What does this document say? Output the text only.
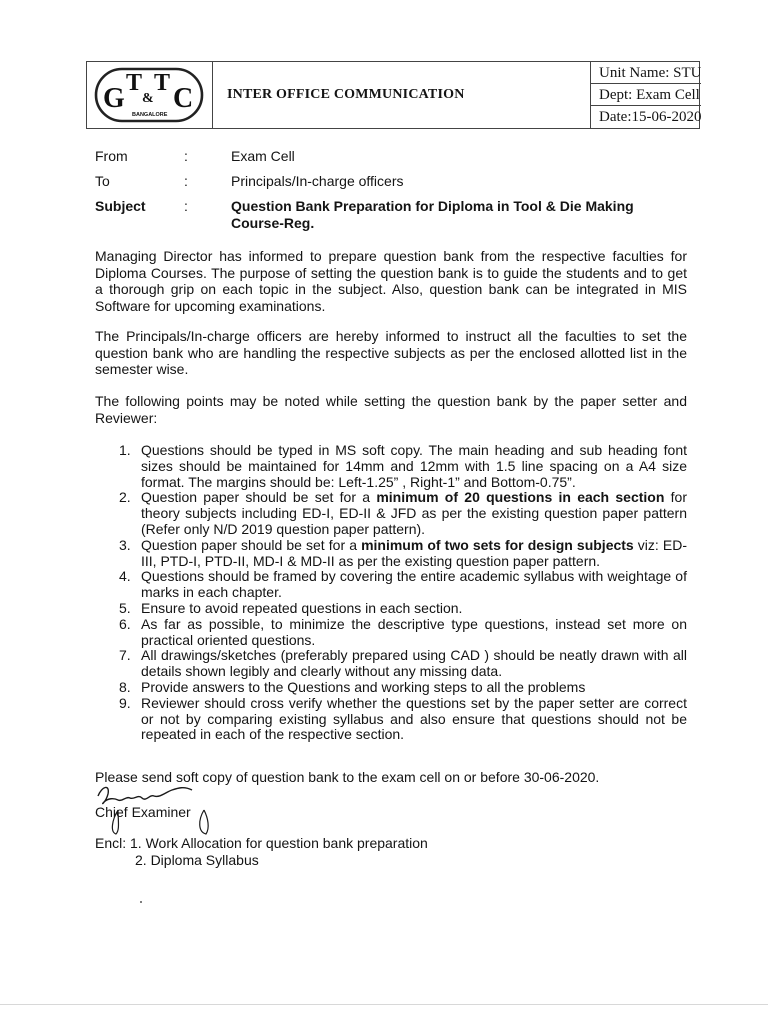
G T
&
T C
BANGALORE
INTER OFFICE COMMUNICATION
Unit Name: STU
Dept: Exam Cell
Date:15-06-2020
From	:	Exam Cell
To	:	Principals/In-charge officers
Subject	:	Question Bank Preparation for Diploma in Tool & Die Making Course-Reg.

Managing Director has informed to prepare question bank from the respective faculties for Diploma Courses. The purpose of setting the question bank is to guide the students and to get a thorough grip on each topic in the subject. Also, question bank can be integrated in MIS Software for upcoming examinations.

The Principals/In-charge officers are hereby informed to instruct all the faculties to set the question bank who are handling the respective subjects as per the enclosed allotted list in the semester wise.

The following points may be noted while setting the question bank by the paper setter and Reviewer:

1. Questions should be typed in MS soft copy. The main heading and sub heading font sizes should be maintained for 14mm and 12mm with 1.5 line spacing on a A4 size format. The margins should be: Left-1.25” , Right-1” and Bottom-0.75”.
2. Question paper should be set for a minimum of 20 questions in each section for theory subjects including ED-I, ED-II & JFD as per the existing question paper pattern (Refer only N/D 2019 question paper pattern).
3. Question paper should be set for a minimum of two sets for design subjects viz: ED-III, PTD-I, PTD-II, MD-I & MD-II as per the existing question paper pattern.
4. Questions should be framed by covering the entire academic syllabus with weightage of marks in each chapter.
5. Ensure to avoid repeated questions in each section.
6. As far as possible, to minimize the descriptive type questions, instead set more on practical oriented questions.
7. All drawings/sketches (preferably prepared using CAD ) should be neatly drawn with all details shown legibly and clearly without any missing data.
8. Provide answers to the Questions and working steps to all the problems
9. Reviewer should cross verify whether the questions set by the paper setter are correct or not by comparing existing syllabus and also ensure that questions should not be repeated in each of the respective section.
Please send soft copy of question bank to the exam cell on or before 30-06-2020.
Chief Examiner
Encl: 1. Work Allocation for question bank preparation
2. Diploma Syllabus
